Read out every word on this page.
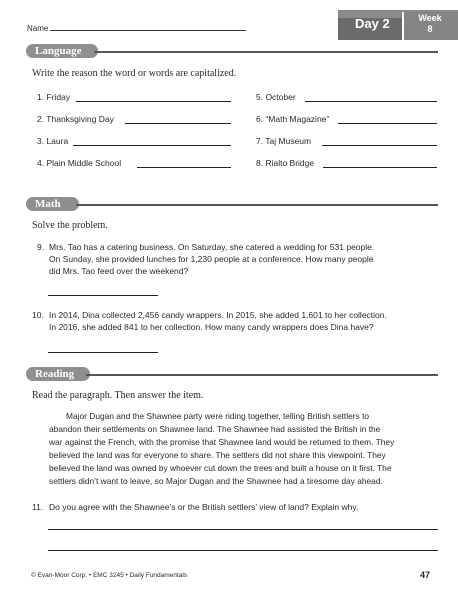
Name	Day 2	Week
8
Language
Write the reason the word or words are capitalized.
1. Friday
2. Thanksgiving Day
3. Laura
4. Plain Middle School
5. October
6. “Math Magazine”
7. Taj Museum
8. Rialto Bridge
Math
Solve the problem.
9. Mrs. Tao has a catering business. On Saturday, she catered a wedding for 531 people.
On Sunday, she provided lunches for 1,230 people at a conference. How many people
did Mrs. Tao feed over the weekend?
10. In 2014, Dina collected 2,456 candy wrappers. In 2015, she added 1,601 to her collection.
In 2016, she added 841 to her collection. How many candy wrappers does Dina have?
Reading
Read the paragraph. Then answer the item.
Major Dugan and the Shawnee party were riding together, telling British settlers to
abandon their settlements on Shawnee land. The Shawnee had assisted the British in the
war against the French, with the promise that Shawnee land would be returned to them. They
believed the land was for everyone to share. The settlers did not share this viewpoint. They
believed the land was owned by whoever cut down the trees and built a house on it first. The
settlers didn’t want to leave, so Major Dugan and the Shawnee had a tiresome day ahead.
11. Do you agree with the Shawnee’s or the British settlers’ view of land? Explain why.
© Evan-Moor Corp. • EMC 3245 • Daily Fundamentals	47
